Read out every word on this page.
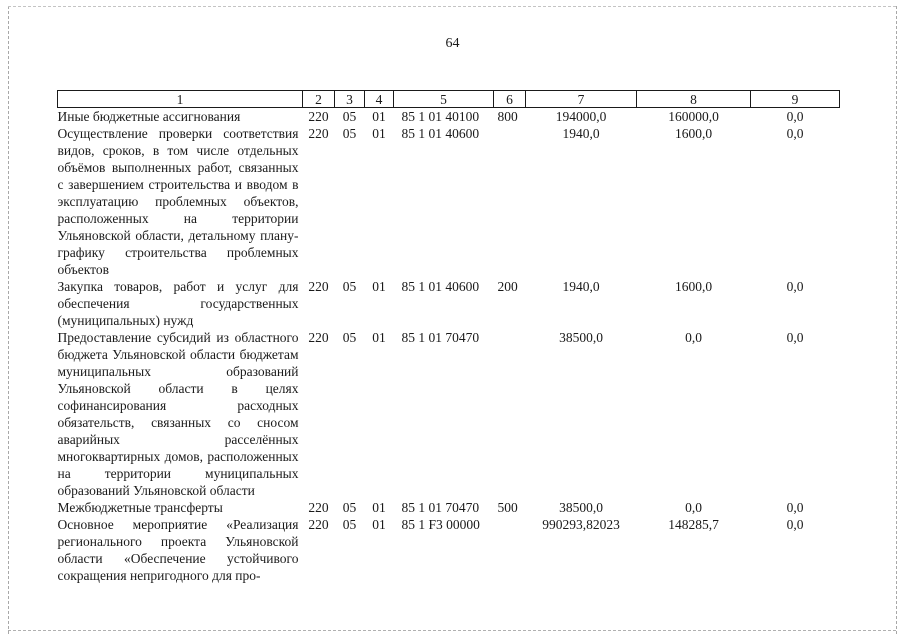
64
1	2	3	4	5	6	7	8	9
Иные бюджетные ассигнования	220	05	01	85 1 01 40100	800	194000,0	160000,0	0,0
Осуществление проверки соответствия видов, сроков, в том числе отдельных объёмов выполненных работ, связанных с завершением строительства и вводом в эксплуатацию проблемных объектов, расположенных на территории Ульяновской области, детальному плану-графику строительства проблемных объектов	220	05	01	85 1 01 40600		1940,0	1600,0	0,0
Закупка товаров, работ и услуг для обеспечения государственных (муниципальных) нужд	220	05	01	85 1 01 40600	200	1940,0	1600,0	0,0
Предоставление субсидий из областного бюджета Ульяновской области бюджетам муниципальных образований Ульяновской области в целях софинансирования расходных обязательств, связанных со сносом аварийных расселённых многоквартирных домов, расположенных на территории муниципальных образований Ульяновской области	220	05	01	85 1 01 70470		38500,0	0,0	0,0
Межбюджетные трансферты	220	05	01	85 1 01 70470	500	38500,0	0,0	0,0
Основное мероприятие «Реализация регионального проекта Ульяновской области «Обеспечение устойчивого сокращения непригодного для про-	220	05	01	85 1 F3 00000		990293,82023	148285,7	0,0
